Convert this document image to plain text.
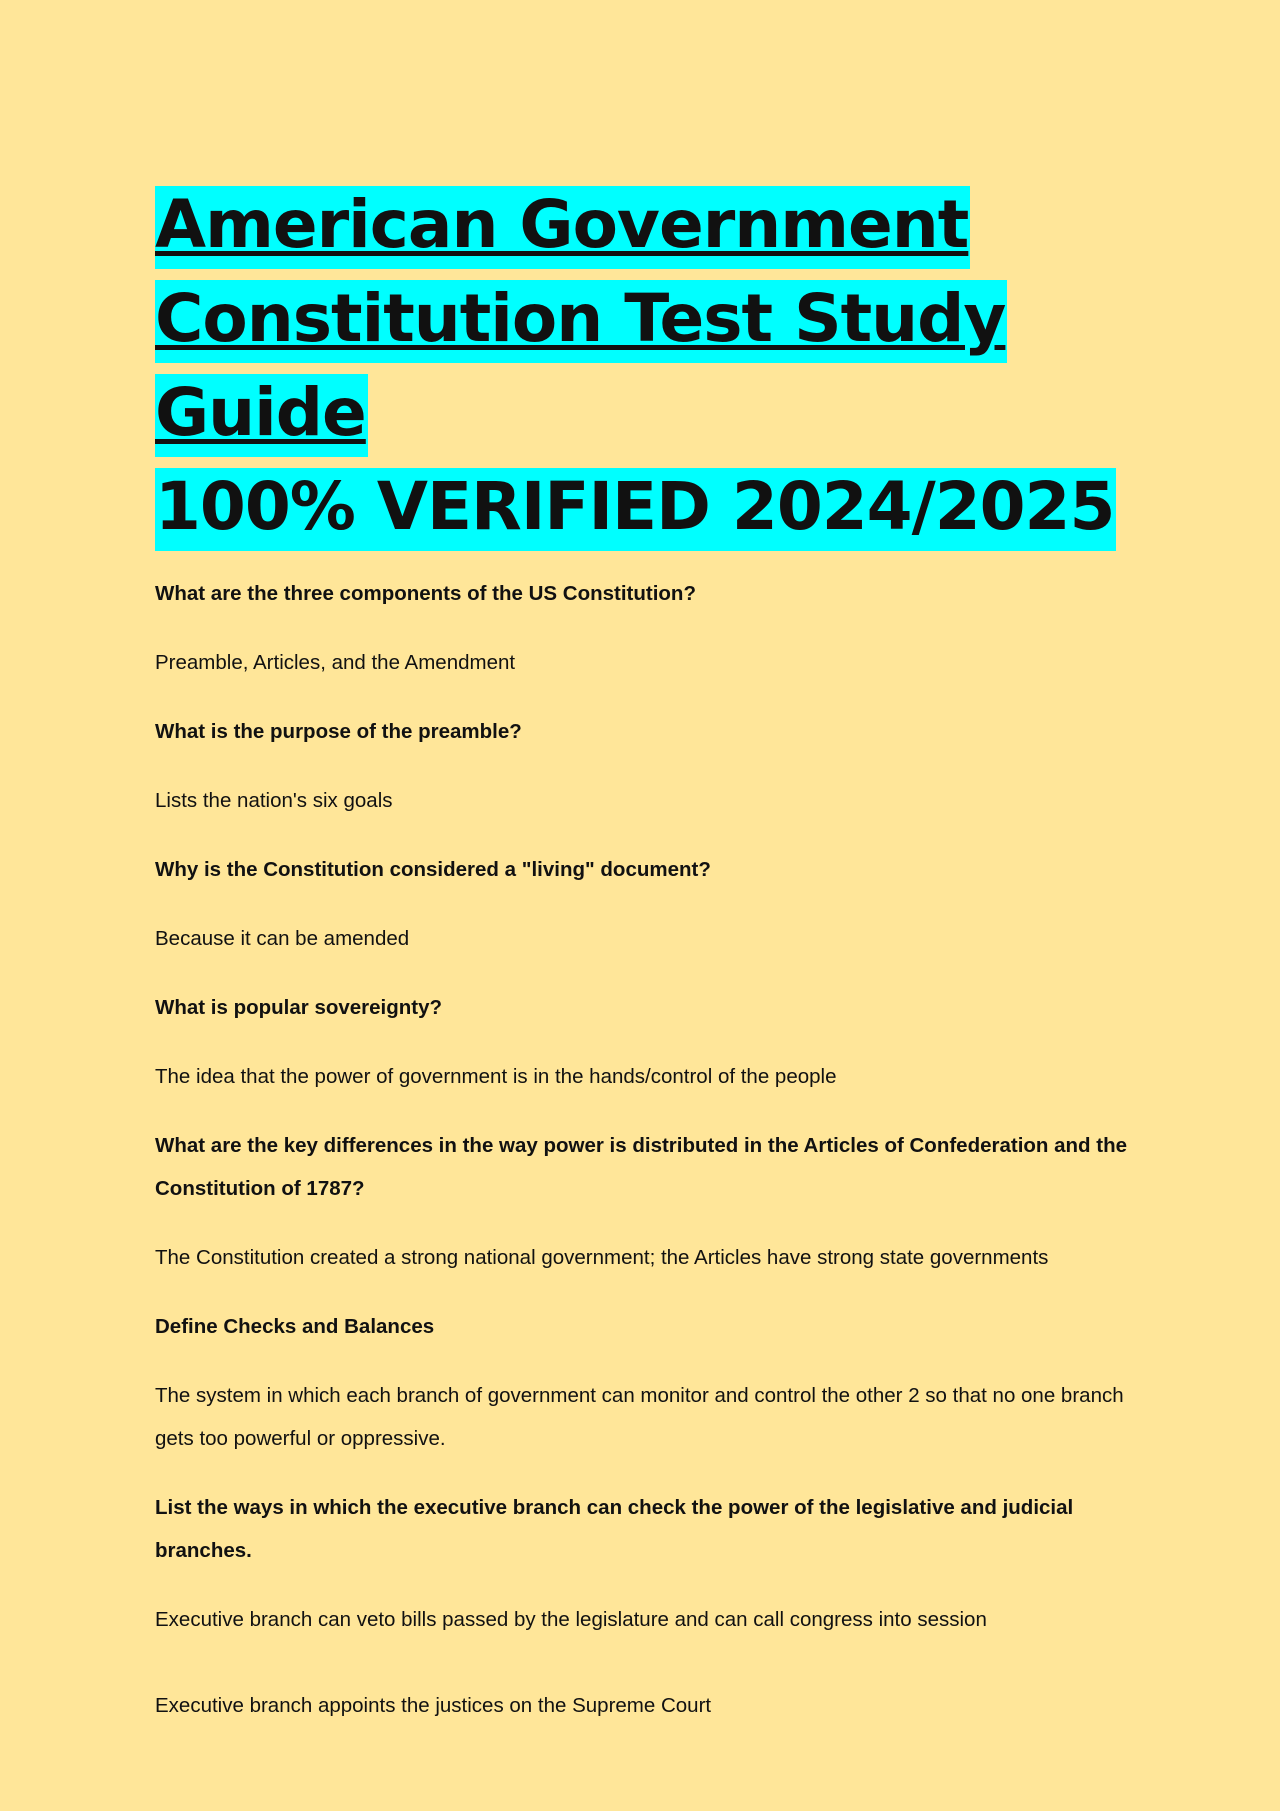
American Government
Constitution Test Study Guide
100% VERIFIED 2024/2025

What are the three components of the US Constitution?

Preamble, Articles, and the Amendment

What is the purpose of the preamble?

Lists the nation's six goals

Why is the Constitution considered a "living" document?

Because it can be amended

What is popular sovereignty?

The idea that the power of government is in the hands/control of the people

What are the key differences in the way power is distributed in the Articles of Confederation and the Constitution of 1787?

The Constitution created a strong national government; the Articles have strong state governments

Define Checks and Balances

The system in which each branch of government can monitor and control the other 2 so that no one branch gets too powerful or oppressive.

List the ways in which the executive branch can check the power of the legislative and judicial branches.

Executive branch can veto bills passed by the legislature and can call congress into session

Executive branch appoints the justices on the Supreme Court
